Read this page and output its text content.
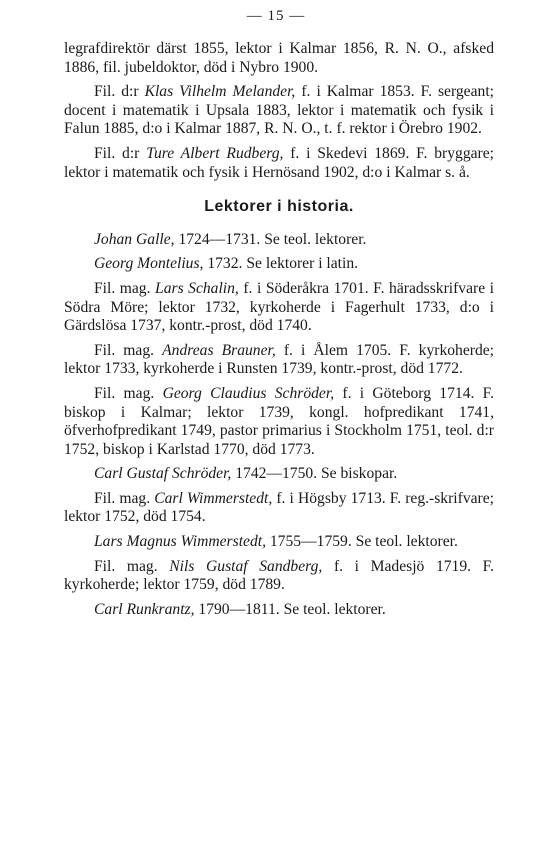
— 15 —

legrafdirektör därst 1855, lektor i Kalmar 1856, R. N. O., afsked 1886, fil. jubeldoktor, död i Nybro 1900.

Fil. d:r Klas Vilhelm Melander, f. i Kalmar 1853. F. sergeant; docent i matematik i Upsala 1883, lektor i matematik och fysik i Falun 1885, d:o i Kalmar 1887, R. N. O., t. f. rektor i Örebro 1902.

Fil. d:r Ture Albert Rudberg, f. i Skedevi 1869. F. bryggare; lektor i matematik och fysik i Hernösand 1902, d:o i Kalmar s. å.

Lektorer i historia.

Johan Galle, 1724—1731. Se teol. lektorer.

Georg Montelius, 1732. Se lektorer i latin.

Fil. mag. Lars Schalin, f. i Söderåkra 1701. F. häradsskrifvare i Södra Möre; lektor 1732, kyrkoherde i Fagerhult 1733, d:o i Gärdslösa 1737, kontr.-prost, död 1740.

Fil. mag. Andreas Brauner, f. i Ålem 1705. F. kyrkoherde; lektor 1733, kyrkoherde i Runsten 1739, kontr.-prost, död 1772.

Fil. mag. Georg Claudius Schröder, f. i Göteborg 1714. F. biskop i Kalmar; lektor 1739, kongl. hofpredikant 1741, öfverhofpredikant 1749, pastor primarius i Stockholm 1751, teol. d:r 1752, biskop i Karlstad 1770, död 1773.

Carl Gustaf Schröder, 1742—1750. Se biskopar.

Fil. mag. Carl Wimmerstedt, f. i Högsby 1713. F. reg.-skrifvare; lektor 1752, död 1754.

Lars Magnus Wimmerstedt, 1755—1759. Se teol. lektorer.

Fil. mag. Nils Gustaf Sandberg, f. i Madesjö 1719. F. kyrkoherde; lektor 1759, död 1789.

Carl Runkrantz, 1790—1811. Se teol. lektorer.
